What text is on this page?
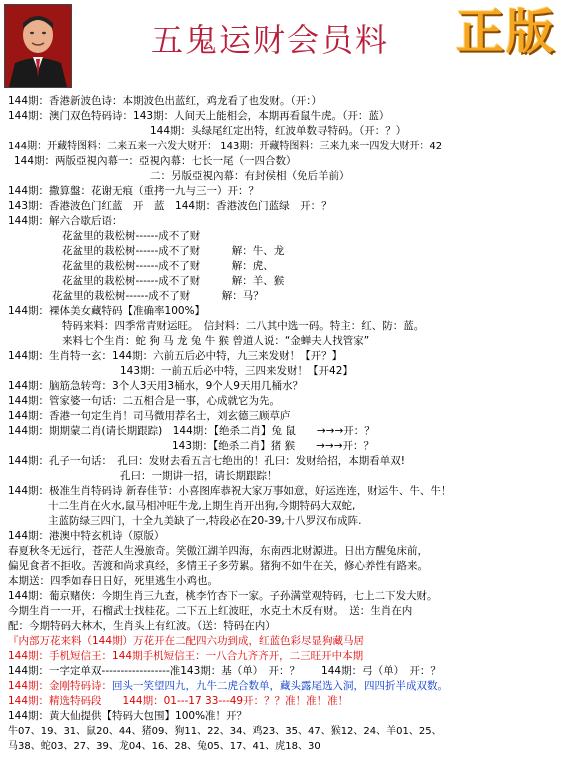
五鬼运财会员料	正版
144期：香港新波色诗：本期波色出蓝红，鸡龙看了也发财。（开：）
144期：澳门双色特码诗：143期：人间天上能相会，本期再看鼠牛虎。（开：蓝）
144期：头绿尾红定出特，红波单数寻特码。（开：？）
144期：开藏特图料：二来五来一六发大财开： 143期：开藏特图料：三来九来一四发大财开：42
144期：两版亞視內幕一：亞視內幕：七长一尾（一四合数）
二：另版亞視內幕：有封侯相（免后羊前）
144期：撒算盤：花谢无痕（重拷一九与三一）开：？
143期：香港波色门红蓝　开　蓝　144期：香港波色门蓝绿　开：？
144期：解六合歇后语：
花盆里的栽松树------成不了财
花盆里的栽松树------成不了财　　　解：牛、龙
花盆里的栽松树------成不了财　　　解：虎、
花盆里的栽松树------成不了财　　　解：羊、猴
花盆里的栽松树------成不了财　　　解：马？
144期：裸体美女藏特码【准确率100%】
特码来料：四季常青财运旺。　信封料：二八其中选一码。特主：红、防：蓝。
来料七个生肖：蛇 狗 马 龙 兔 牛 猴 曾道人说：“金蝉夫人找管家”
144期：生肖特一玄：144期：六前五后必中特，九三来发财！【开？】
143期：一前五后必中特，三四来发财！【开42】
144期：脑筋急转弯：3个人3天用3桶水，9个人9天用几桶水？
144期：管家婆一句话：二五相合是一事，心成就它为先。
144期：香港一句定生肖！司马微用荐名士，刘玄德三顾草庐
144期：期期蒙二肖(请长期跟踪)　144期：【绝杀二肖】兔 鼠　　→→→开：？
143期：【绝杀二肖】猪 猴　　→→→开：？
144期：孔子一句话：　孔曰：发财去看五言七绝出的！孔曰：发财给招，本期看单双!
孔曰：一期讲一招，请长期跟踪！
144期：极准生肖特码诗 新春佳节：小喜图库恭祝大家万事如意，好运连连，财运牛、牛、牛！
十二生肖在火水,鼠马相冲旺牛龙,上期生肖开出狗,今期特码大双蛇,
主蓝防绿三四门，十全九美缺了一,特段必在20-39,十八罗汉布成阵.
144期：港澳中特玄机诗（原版）
春夏秋冬无远行，苍茫人生漫旅奇。笑傲江湖羊四海，东南西北财源进。日出方醒兔床前，
偏见食者不拒收。苦渡和尚求真经，多情王子多劳累。猪狗不如牛在关，修心养性有路来。
本期送：四季如春日日好，死里逃生小鸡也。
144期：葡京赌侠：今期生肖三九查，桃李竹杏下一家。子孙满堂观特码，七上二下发大财。
今期生肖一一开，石榴武士找桂花。二下五上红波旺，水克土木反有财。　送：生肖在内
配：今期特码大林木，生肖头上有红波。（送：特码在内）
『内部万花来料（144期）万花开在二配四六功到成，红蓝色彩尽显狗藏马居
144期：手机短信王：144期手机短信王：一八合九齐齐开，二三旺开中本期
144期：一字定单双------------------准143期：基（单）　开：？　　144期：弓（单）　开：？
144期：金刚特码诗：回头一笑望四九，九牛二虎合数单，藏头露尾选入洞，四四折半成双数。
144期：精选特码段　　144期：01---17 33---49开：？？准！准！准！
144期：黄大仙提供【特码大包围】100%准！开？
牛07、19、31、鼠20、44、猪09、狗11、22、34、鸡23、35、47、猴12、24、羊01、25、
马38、蛇03、27、39、龙04、16、28、兔05、17、41、虎18、30
